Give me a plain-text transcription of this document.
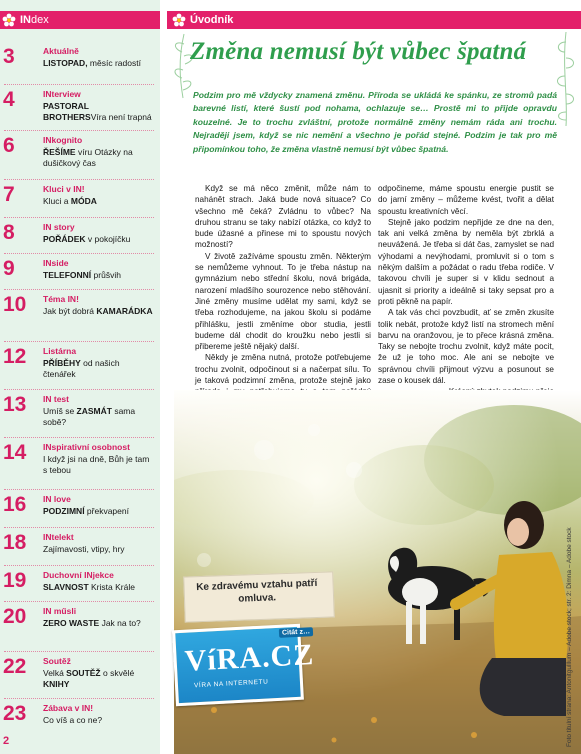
INdex
3	Aktuálně
LISTOPAD, měsíc radostí
4	INterview
PASTORAL BROTHERSVíra není trapná
6	INkognito
ŘEŠÍME víru Otázky na dušičkový čas
7	Kluci v IN!
Kluci a MÓDA
8	IN story
POŘÁDEK v pokojíčku
9	INside
TELEFONNÍ průšvih
10 Téma IN!
Jak být dobrá KAMARÁDKA
12 Listárna
PŘÍBĚHY od našich čtenářek
13 IN test
Umíš se ZASMÁT sama sobě?
14 INspirativní osobnost
I když jsi na dně, Bůh je tam s tebou
16 IN love
PODZIMNÍ překvapení
18 INtelekt
Zajímavosti, vtipy, hry
19 Duchovní INjekce
SLAVNOST Krista Krále
20 IN műsli
ZERO WASTE Jak na to?
22 Soutěž
Velká SOUTĚŽ o skvělé KNIHY
23 Zábava v IN!
Co víš a co ne?
2
Úvodník
Změna nemusí být vůbec špatná
Podzim pro mě vždycky znamená změnu. Příroda se ukládá ke spánku, ze stromů padá barevné listí, které šustí pod nohama, ochlazuje se… Prostě mi to přijde opravdu kouzelné. Je to trochu zvláštní, protože normálně změny nemám ráda ani trochu. Nejraději jsem, když se nic nemění a všechno je pořád stejné. Podzim je tak pro mě připomínkou toho, že změna vlastně nemusí být vůbec špatná.

Když se má něco změnit, může nám to nahánět strach. Jaká bude nová situace? Co všechno mě čeká? Zvládnu to vůbec? Na druhou stranu se taky nabízí otázka, co když to bude úžasné a přinese mi to spoustu nových možností?

V životě zažíváme spoustu změn. Některým se nemůžeme vyhnout. To je třeba nástup na gymnázium nebo střední školu, nová brigáda, narození mladšího sourozence nebo stěhování. Jiné změny musíme udělat my sami, když se třeba rozhodujeme, na jakou školu si podáme přihlášku, jestli změníme obor studia, jestli budeme dál chodit do kroužku nebo jestli si přibereme ještě nějaký další.

Někdy je změna nutná, protože potřebujeme trochu zvolnit, odpočinout si a načerpat sílu. To je taková podzimní změna, protože stejně jako

odpočineme, máme spoustu energie pustit se do jarní změny – můžeme kvést, tvořit a dělat spoustu kreativních věcí.

Stejně jako podzim nepřijde ze dne na den, tak ani velká změna by neměla být zbrklá a neuvážená. Je třeba si dát čas, zamyslet se nad výhodami a nevýhodami, promluvit si o tom s někým dalším a požádat o radu třeba rodiče. V takovou chvíli je super si v klidu sednout a ujasnit si priority a ideálně si taky sepsat pro a proti pěkně na papír.

A tak vás chci povzbudit, ať se změn zkusíte tolik nebát, protože když listí na stromech mění barvu na oranžovou, je to přece krásná změna. Taky se nebojte trochu zvolnit, když máte pocit, že už je toho moc. Ale ani se nebojte ve správnou chvíli přijmout výzvu a posunout se zase o kousek dál.

Foto titulní strana: Antonitgulllum – Adobe stock; str. 2: Dimna – Adobe stock
Ke zdravému vztahu patří omluva.
VíRA.CZ
VÍRA NA INTERNETU
Citát z…
